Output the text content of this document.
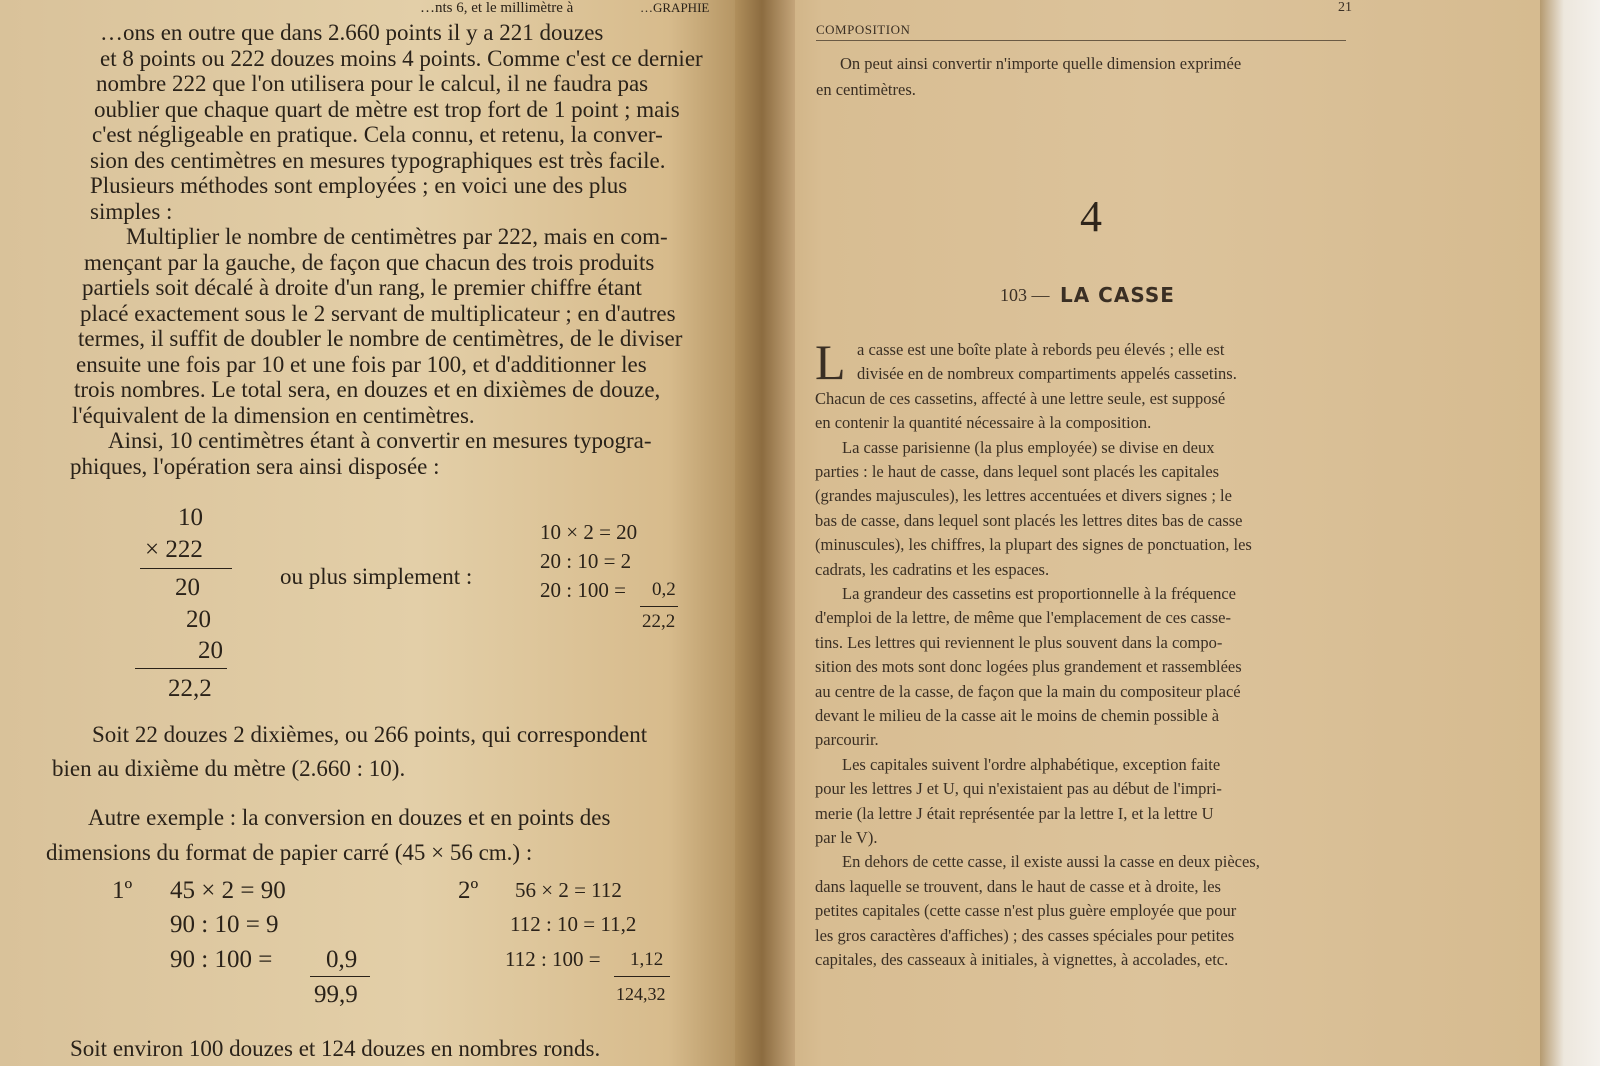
…GRAPHIE
…nts 6, et le millimètre à
…ons en outre que dans 2.660 points il y a 221 douzes
et 8 points ou 222 douzes moins 4 points. Comme c'est ce dernier
nombre 222 que l'on utilisera pour le calcul, il ne faudra pas
oublier que chaque quart de mètre est trop fort de 1 point ; mais
c'est négligeable en pratique. Cela connu, et retenu, la conver-
sion des centimètres en mesures typographiques est très facile.
Plusieurs méthodes sont employées ; en voici une des plus
simples :
Multiplier le nombre de centimètres par 222, mais en com-
mençant par la gauche, de façon que chacun des trois produits
partiels soit décalé à droite d'un rang, le premier chiffre étant
placé exactement sous le 2 servant de multiplicateur ; en d'autres
termes, il suffit de doubler le nombre de centimètres, de le diviser
ensuite une fois par 10 et une fois par 100, et d'additionner les
trois nombres. Le total sera, en douzes et en dixièmes de douze,
l'équivalent de la dimension en centimètres.
Ainsi, 10 centimètres étant à convertir en mesures typogra-
phiques, l'opération sera ainsi disposée :
10
× 222
20
20
20
22,2
ou plus simplement :
10 × 2 = 20
20 : 10 = 2
20 : 100 = 0,2
22,2
Soit 22 douzes 2 dixièmes, ou 266 points, qui correspondent
bien au dixième du mètre (2.660 : 10).
Autre exemple : la conversion en douzes et en points des
dimensions du format de papier carré (45 × 56 cm.) :
1º 45 × 2 = 90
90 : 10 = 9
90 : 100 = 0,9
99,9
2º 56 × 2 = 112
112 : 10 = 11,2
112 : 100 = 1,12
124,32
Soit environ 100 douzes et 124 douzes en nombres ronds.
COMPOSITION
21
On peut ainsi convertir n'importe quelle dimension exprimée
en centimètres.
4
103 — LA CASSE
L a casse est une boîte plate à rebords peu élevés ; elle est
divisée en de nombreux compartiments appelés cassetins.
Chacun de ces cassetins, affecté à une lettre seule, est supposé
en contenir la quantité nécessaire à la composition.
La casse parisienne (la plus employée) se divise en deux
parties : le haut de casse, dans lequel sont placés les capitales
(grandes majuscules), les lettres accentuées et divers signes ; le
bas de casse, dans lequel sont placés les lettres dites bas de casse
(minuscules), les chiffres, la plupart des signes de ponctuation, les
cadrats, les cadratins et les espaces.
La grandeur des cassetins est proportionnelle à la fréquence
d'emploi de la lettre, de même que l'emplacement de ces casse-
tins. Les lettres qui reviennent le plus souvent dans la compo-
sition des mots sont donc logées plus grandement et rassemblées
au centre de la casse, de façon que la main du compositeur placé
devant le milieu de la casse ait le moins de chemin possible à
parcourir.
Les capitales suivent l'ordre alphabétique, exception faite
pour les lettres J et U, qui n'existaient pas au début de l'impri-
merie (la lettre J était représentée par la lettre I, et la lettre U
par le V).
En dehors de cette casse, il existe aussi la casse en deux pièces,
dans laquelle se trouvent, dans le haut de casse et à droite, les
petites capitales (cette casse n'est plus guère employée que pour
les gros caractères d'affiches) ; des casses spéciales pour petites
capitales, des casseaux à initiales, à vignettes, à accolades, etc.
